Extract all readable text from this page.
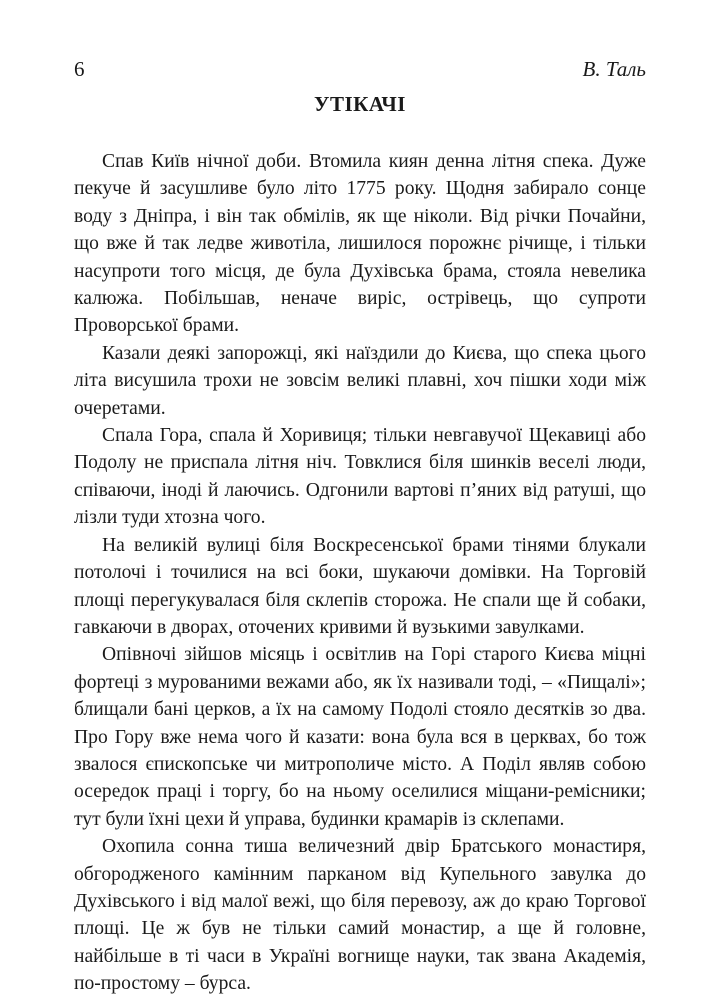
6	В. Таль
УТІКАЧІ

Спав Київ нічної доби. Втомила киян денна літня спека. Дуже пекуче й засушливе було літо 1775 року. Щодня забирало сонце воду з Дніпра, і він так обмілів, як ще ніколи. Від річки Почайни, що вже й так ледве животіла, лишилося порожнє річище, і тільки насупроти того місця, де була Духівська брама, стояла невелика калюжа. Побільшав, неначе виріс, острівець, що супроти Проворської брами.

Казали деякі запорожці, які наїздили до Києва, що спека цього літа висушила трохи не зовсім великі плавні, хоч пішки ходи між очеретами.

Спала Гора, спала й Хоривиця; тільки невгавучої Щекавиці або Подолу не приспала літня ніч. Товклися біля шинків веселі люди, співаючи, іноді й лаючись. Одгонили вартові п’яних від ратуші, що лізли туди хтозна чого.

На великій вулиці біля Воскресенської брами тінями блукали потолочі і точилися на всі боки, шукаючи домівки. На Торговій площі перегукувалася біля склепів сторожа. Не спали ще й собаки, гавкаючи в дворах, оточених кривими й вузькими завулками.

Опівночі зійшов місяць і освітлив на Горі старого Києва міцні фортеці з мурованими вежами або, як їх називали тоді, – «Пищалі»; блищали бані церков, а їх на самому Подолі стояло десятків зо два. Про Гору вже нема чого й казати: вона була вся в церквах, бо тож звалося єпископське чи митрополиче місто. А Поділ являв собою осередок праці і торгу, бо на ньому оселилися міщани-ремісники; тут були їхні цехи й управа, будинки крамарів із склепами.

Охопила сонна тиша величезний двір Братського монастиря, обгородженого камінним парканом від Купельного завулка до Духівського і від малої вежі, що біля перевозу, аж до краю Торгової площі. Це ж був не тільки самий монастир, а ще й головне, найбільше в ті часи в Україні вогнище науки, так звана Академія, по-простому – бурса.
